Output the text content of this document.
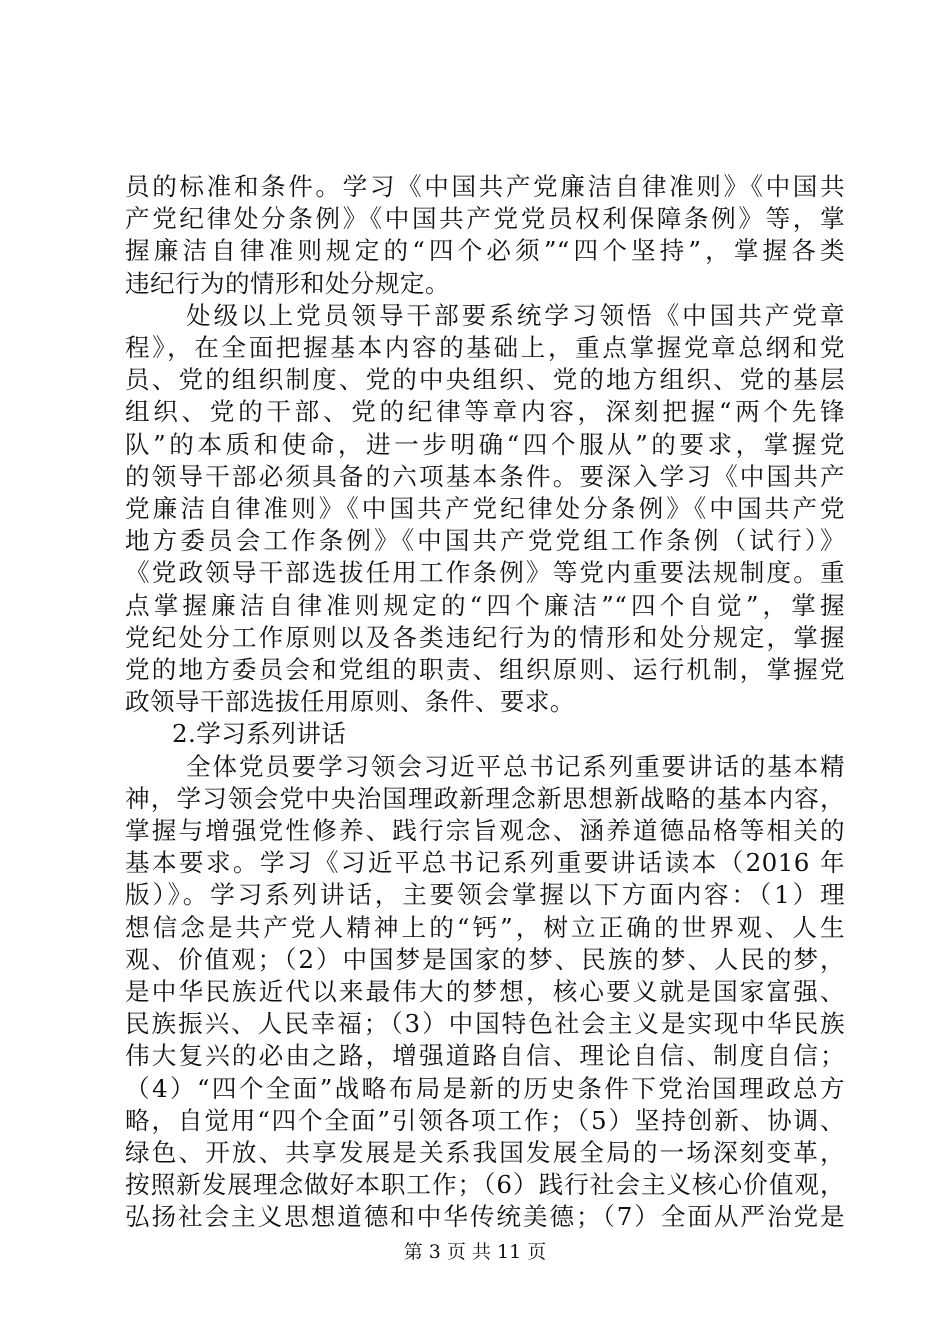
员的标准和条件。学习《中国共产党廉洁自律准则》《中国共
产党纪律处分条例》《中国共产党党员权利保障条例》等，掌
握廉洁自律准则规定的“四个必须”“四个坚持”，掌握各类
违纪行为的情形和处分规定。
处级以上党员领导干部要系统学习领悟《中国共产党章
程》，在全面把握基本内容的基础上，重点掌握党章总纲和党
员、党的组织制度、党的中央组织、党的地方组织、党的基层
组织、党的干部、党的纪律等章内容，深刻把握“两个先锋
队”的本质和使命，进一步明确“四个服从”的要求，掌握党
的领导干部必须具备的六项基本条件。要深入学习《中国共产
党廉洁自律准则》《中国共产党纪律处分条例》《中国共产党
地方委员会工作条例》《中国共产党党组工作条例（试行）》
《党政领导干部选拔任用工作条例》等党内重要法规制度。重
点掌握廉洁自律准则规定的“四个廉洁”“四个自觉”，掌握
党纪处分工作原则以及各类违纪行为的情形和处分规定，掌握
党的地方委员会和党组的职责、组织原则、运行机制，掌握党
政领导干部选拔任用原则、条件、要求。
2.学习系列讲话
全体党员要学习领会习近平总书记系列重要讲话的基本精
神，学习领会党中央治国理政新理念新思想新战略的基本内容，
掌握与增强党性修养、践行宗旨观念、涵养道德品格等相关的
基本要求。学习《习近平总书记系列重要讲话读本（2016 年
版）》。学习系列讲话，主要领会掌握以下方面内容：（1）理
想信念是共产党人精神上的“钙”，树立正确的世界观、人生
观、价值观；（2）中国梦是国家的梦、民族的梦、人民的梦，
是中华民族近代以来最伟大的梦想，核心要义就是国家富强、
民族振兴、人民幸福；（3）中国特色社会主义是实现中华民族
伟大复兴的必由之路，增强道路自信、理论自信、制度自信；
（4）“四个全面”战略布局是新的历史条件下党治国理政总方
略，自觉用“四个全面”引领各项工作；（5）坚持创新、协调、
绿色、开放、共享发展是关系我国发展全局的一场深刻变革，
按照新发展理念做好本职工作；（6）践行社会主义核心价值观，
弘扬社会主义思想道德和中华传统美德；（7）全面从严治党是
第 3 页 共 11 页
